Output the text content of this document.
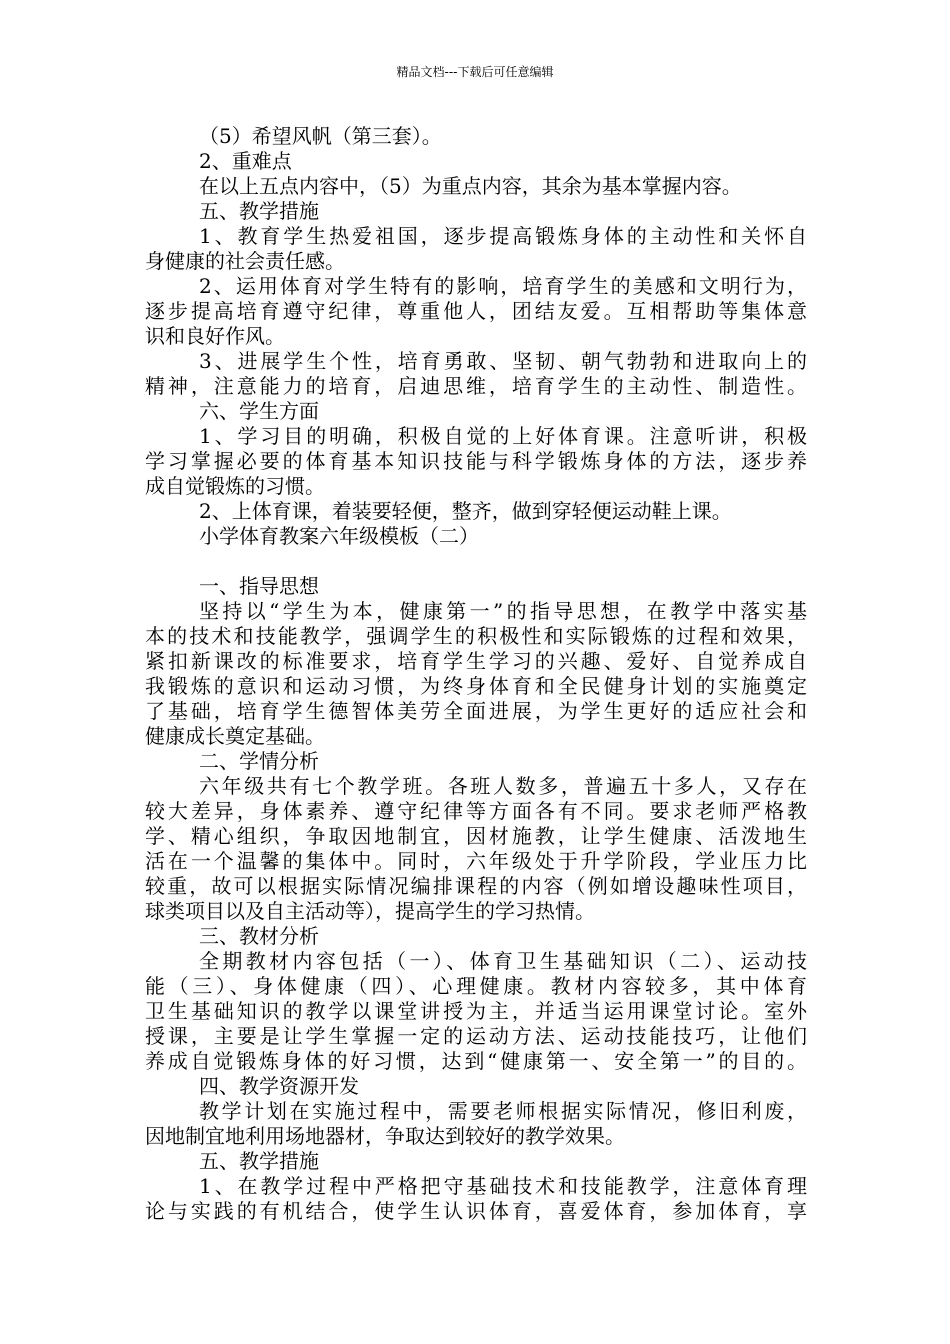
精品文档---下载后可任意编辑
（5）希望风帆（第三套）。
2、重难点
在以上五点内容中，（5）为重点内容，其余为基本掌握内容。
五、教学措施
1、教育学生热爱祖国，逐步提高锻炼身体的主动性和关怀自
身健康的社会责任感。
2、运用体育对学生特有的影响，培育学生的美感和文明行为，
逐步提高培育遵守纪律，尊重他人，团结友爱。互相帮助等集体意
识和良好作风。
3、进展学生个性，培育勇敢、坚韧、朝气勃勃和进取向上的
精神，注意能力的培育，启迪思维，培育学生的主动性、制造性。
六、学生方面
1、学习目的明确，积极自觉的上好体育课。注意听讲，积极
学习掌握必要的体育基本知识技能与科学锻炼身体的方法，逐步养
成自觉锻炼的习惯。
2、上体育课，着装要轻便，整齐，做到穿轻便运动鞋上课。
小学体育教案六年级模板（二）
一、指导思想
坚持以“学生为本，健康第一”的指导思想，在教学中落实基
本的技术和技能教学，强调学生的积极性和实际锻炼的过程和效果，
紧扣新课改的标准要求，培育学生学习的兴趣、爱好、自觉养成自
我锻炼的意识和运动习惯，为终身体育和全民健身计划的实施奠定
了基础，培育学生德智体美劳全面进展，为学生更好的适应社会和
健康成长奠定基础。
二、学情分析
六年级共有七个教学班。各班人数多，普遍五十多人，又存在
较大差异，身体素养、遵守纪律等方面各有不同。要求老师严格教
学、精心组织，争取因地制宜，因材施教，让学生健康、活泼地生
活在一个温馨的集体中。同时，六年级处于升学阶段，学业压力比
较重，故可以根据实际情况编排课程的内容（例如增设趣味性项目，
球类项目以及自主活动等），提高学生的学习热情。
三、教材分析
全期教材内容包括（一）、体育卫生基础知识（二）、运动技
能（三）、身体健康（四）、心理健康。教材内容较多，其中体育
卫生基础知识的教学以课堂讲授为主，并适当运用课堂讨论。室外
授课，主要是让学生掌握一定的运动方法、运动技能技巧，让他们
养成自觉锻炼身体的好习惯，达到“健康第一、安全第一”的目的。
四、教学资源开发
教学计划在实施过程中，需要老师根据实际情况，修旧利废，
因地制宜地利用场地器材，争取达到较好的教学效果。
五、教学措施
1、在教学过程中严格把守基础技术和技能教学，注意体育理
论与实践的有机结合，使学生认识体育，喜爱体育，参加体育，享
